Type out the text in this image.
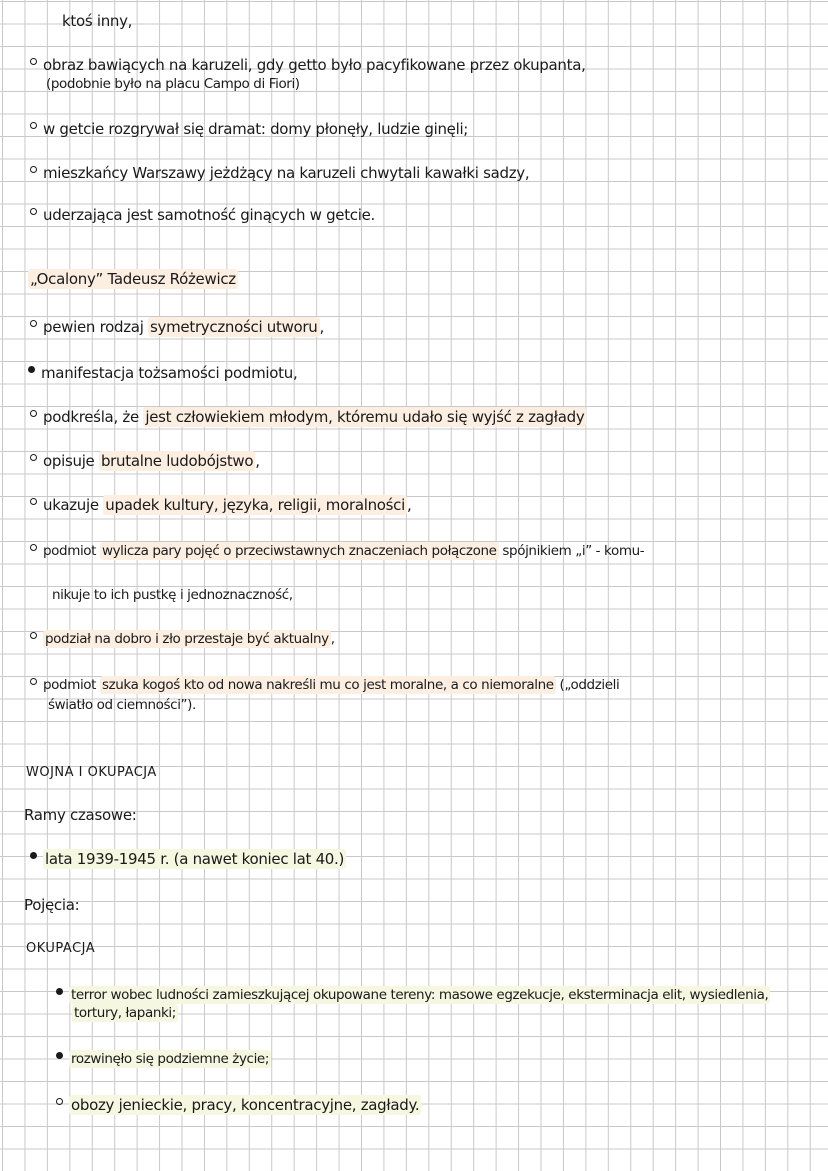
ktoś inny,
obraz bawiących na karuzeli, gdy getto było pacyfikowane przez okupanta,
(podobnie było na placu Campo di Fiori)
w getcie rozgrywał się dramat: domy płonęły, ludzie ginęli;
mieszkańcy Warszawy jeżdżący na karuzeli chwytali kawałki sadzy,
uderzająca jest samotność ginących w getcie.
„Ocalony” Tadeusz Różewicz
pewien rodzaj symetryczności utworu ,
manifestacja tożsamości podmiotu,
podkreśla, że jest człowiekiem młodym, któremu udało się wyjść z zagłady
opisuje brutalne ludobójstwo ,
ukazuje upadek kultury, języka, religii, moralności ,
podmiot wylicza pary pojęć o przeciwstawnych znaczeniach połączone spójnikiem „i” - komu-
nikuje to ich pustkę i jednoznaczność,
podział na dobro i zło przestaje być aktualny ,
podmiot szuka kogoś kto od nowa nakreśli mu co jest moralne, a co niemoralne („oddzieli
światło od ciemności”).
WOJNA I OKUPACJA
Ramy czasowe:
lata 1939-1945 r. (a nawet koniec lat 40.)
Pojęcia:
OKUPACJA
terror wobec ludności zamieszkującej okupowane tereny: masowe egzekucje, eksterminacja elit, wysiedlenia,
tortury, łapanki;
rozwinęło się podziemne życie;
obozy jenieckie, pracy, koncentracyjne, zagłady.
